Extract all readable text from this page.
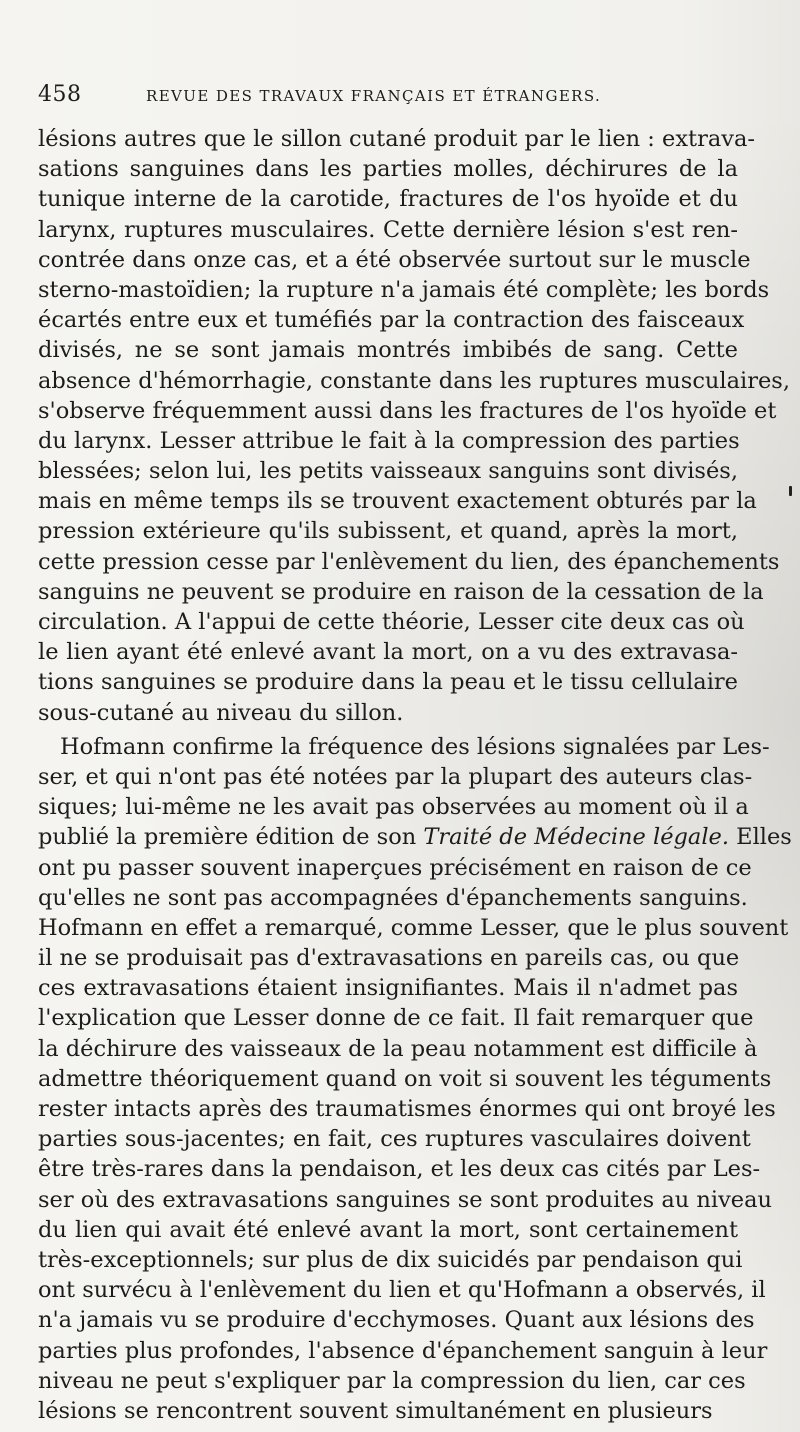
458	REVUE DES TRAVAUX FRANÇAIS ET ÉTRANGERS.
lésions autres que le sillon cutané produit par le lien : extrava-
sations sanguines dans les parties molles, déchirures de la
tunique interne de la carotide, fractures de l'os hyoïde et du
larynx, ruptures musculaires. Cette dernière lésion s'est ren-
contrée dans onze cas, et a été observée surtout sur le muscle
sterno-mastoïdien; la rupture n'a jamais été complète; les bords
écartés entre eux et tuméfiés par la contraction des faisceaux
divisés, ne se sont jamais montrés imbibés de sang. Cette
absence d'hémorrhagie, constante dans les ruptures musculaires,
s'observe fréquemment aussi dans les fractures de l'os hyoïde et
du larynx. Lesser attribue le fait à la compression des parties
blessées; selon lui, les petits vaisseaux sanguins sont divisés,
mais en même temps ils se trouvent exactement obturés par la
pression extérieure qu'ils subissent, et quand, après la mort,
cette pression cesse par l'enlèvement du lien, des épanchements
sanguins ne peuvent se produire en raison de la cessation de la
circulation. A l'appui de cette théorie, Lesser cite deux cas où
le lien ayant été enlevé avant la mort, on a vu des extravasa-
tions sanguines se produire dans la peau et le tissu cellulaire
sous-cutané au niveau du sillon.
Hofmann confirme la fréquence des lésions signalées par Les-
ser, et qui n'ont pas été notées par la plupart des auteurs clas-
siques; lui-même ne les avait pas observées au moment où il a
publié la première édition de son Traité de Médecine légale. Elles
ont pu passer souvent inaperçues précisément en raison de ce
qu'elles ne sont pas accompagnées d'épanchements sanguins.
Hofmann en effet a remarqué, comme Lesser, que le plus souvent
il ne se produisait pas d'extravasations en pareils cas, ou que
ces extravasations étaient insignifiantes. Mais il n'admet pas
l'explication que Lesser donne de ce fait. Il fait remarquer que
la déchirure des vaisseaux de la peau notamment est difficile à
admettre théoriquement quand on voit si souvent les téguments
rester intacts après des traumatismes énormes qui ont broyé les
parties sous-jacentes; en fait, ces ruptures vasculaires doivent
être très-rares dans la pendaison, et les deux cas cités par Les-
ser où des extravasations sanguines se sont produites au niveau
du lien qui avait été enlevé avant la mort, sont certainement
très-exceptionnels; sur plus de dix suicidés par pendaison qui
ont survécu à l'enlèvement du lien et qu'Hofmann a observés, il
n'a jamais vu se produire d'ecchymoses. Quant aux lésions des
parties plus profondes, l'absence d'épanchement sanguin à leur
niveau ne peut s'expliquer par la compression du lien, car ces
lésions se rencontrent souvent simultanément en plusieurs
